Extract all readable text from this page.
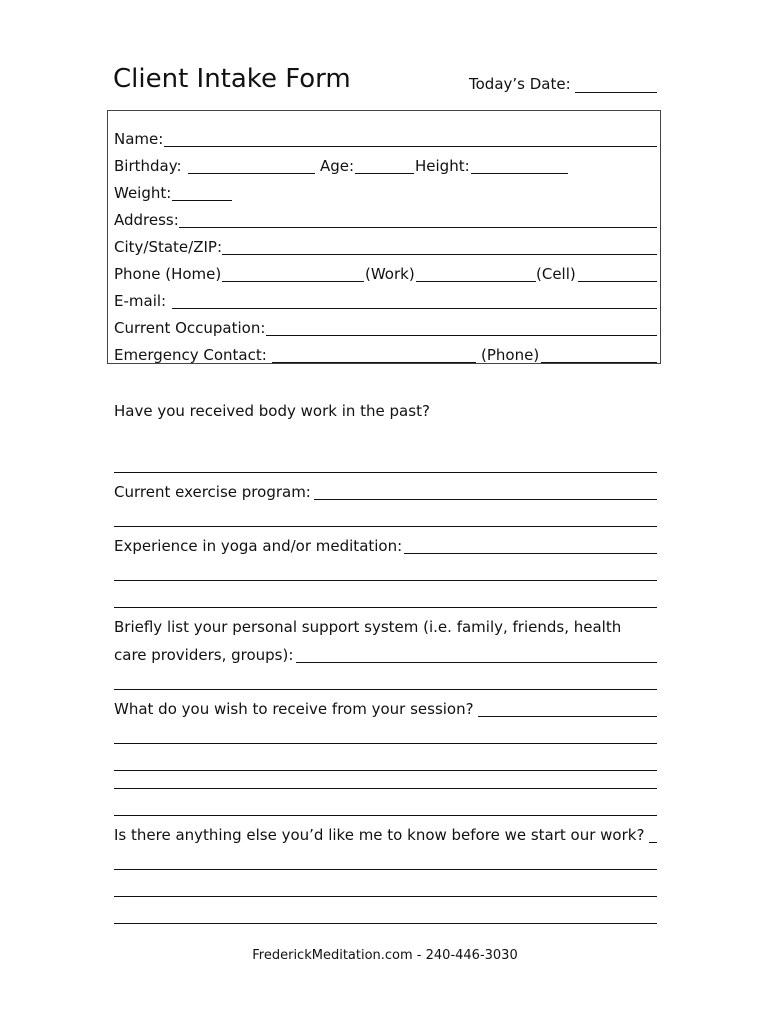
Client Intake Form	Today’s Date:
Name:
Birthday:	Age:	Height:
Weight:
Address:
City/State/ZIP:
Phone (Home)	(Work)	(Cell)
E-mail:
Current Occupation:
Emergency Contact:	(Phone)
Have you received body work in the past?
Current exercise program:
Experience in yoga and/or meditation:
Briefly list your personal support system (i.e. family, friends, health
care providers, groups):
What do you wish to receive from your session?
Is there anything else you’d like me to know before we start our work?
FrederickMeditation.com - 240-446-3030
